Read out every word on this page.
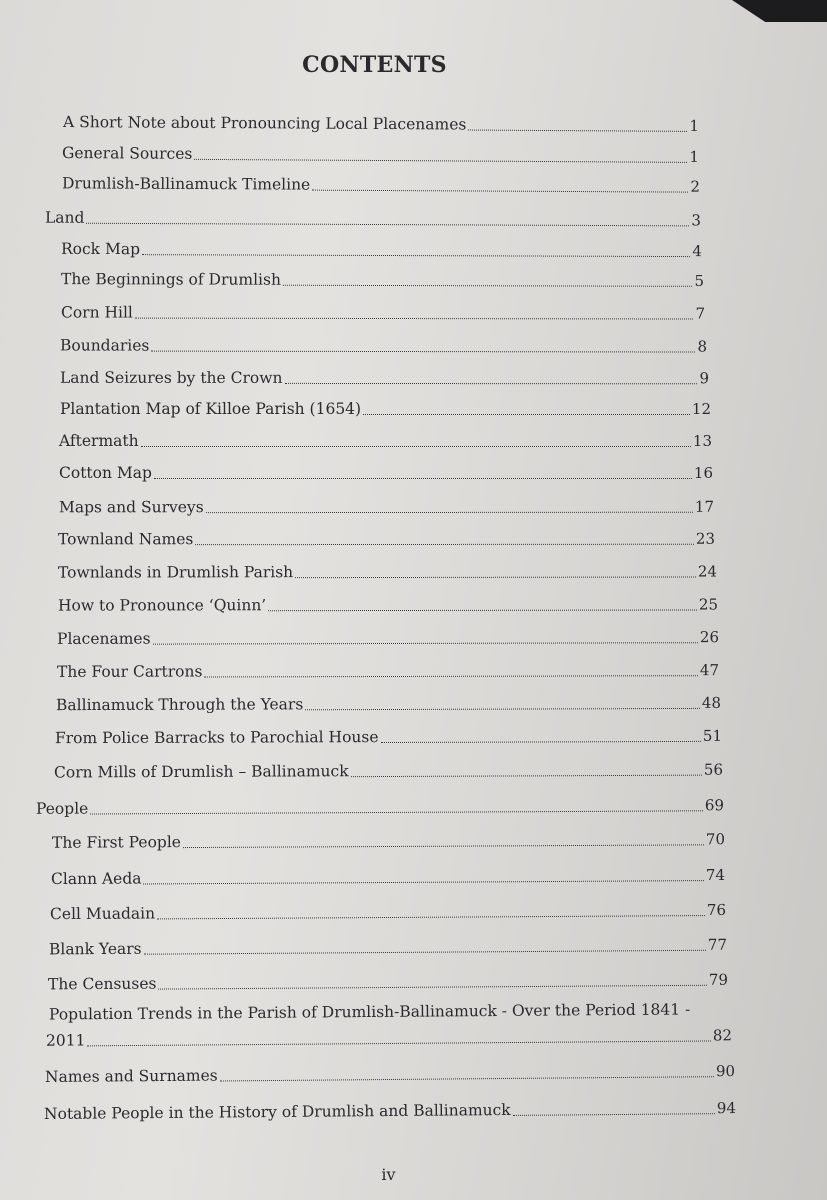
CONTENTS
A Short Note about Pronouncing Local Placenames	1
General Sources	1
Drumlish-Ballinamuck Timeline	2
Land	3
Rock Map	4
The Beginnings of Drumlish	5
Corn Hill	7
Boundaries	8
Land Seizures by the Crown	9
Plantation Map of Killoe Parish (1654)	12
Aftermath	13
Cotton Map	16
Maps and Surveys	17
Townland Names	23
Townlands in Drumlish Parish	24
How to Pronounce ‘Quinn’	25
Placenames	26
The Four Cartrons	47
Ballinamuck Through the Years	48
From Police Barracks to Parochial House	51
Corn Mills of Drumlish – Ballinamuck	56
People	69
The First People	70
Clann Aeda	74
Cell Muadain	76
Blank Years	77
The Censuses	79
Population Trends in the Parish of Drumlish-Ballinamuck - Over the Period 1841 -
2011	82
Names and Surnames	90
Notable People in the History of Drumlish and Ballinamuck	94
iv
